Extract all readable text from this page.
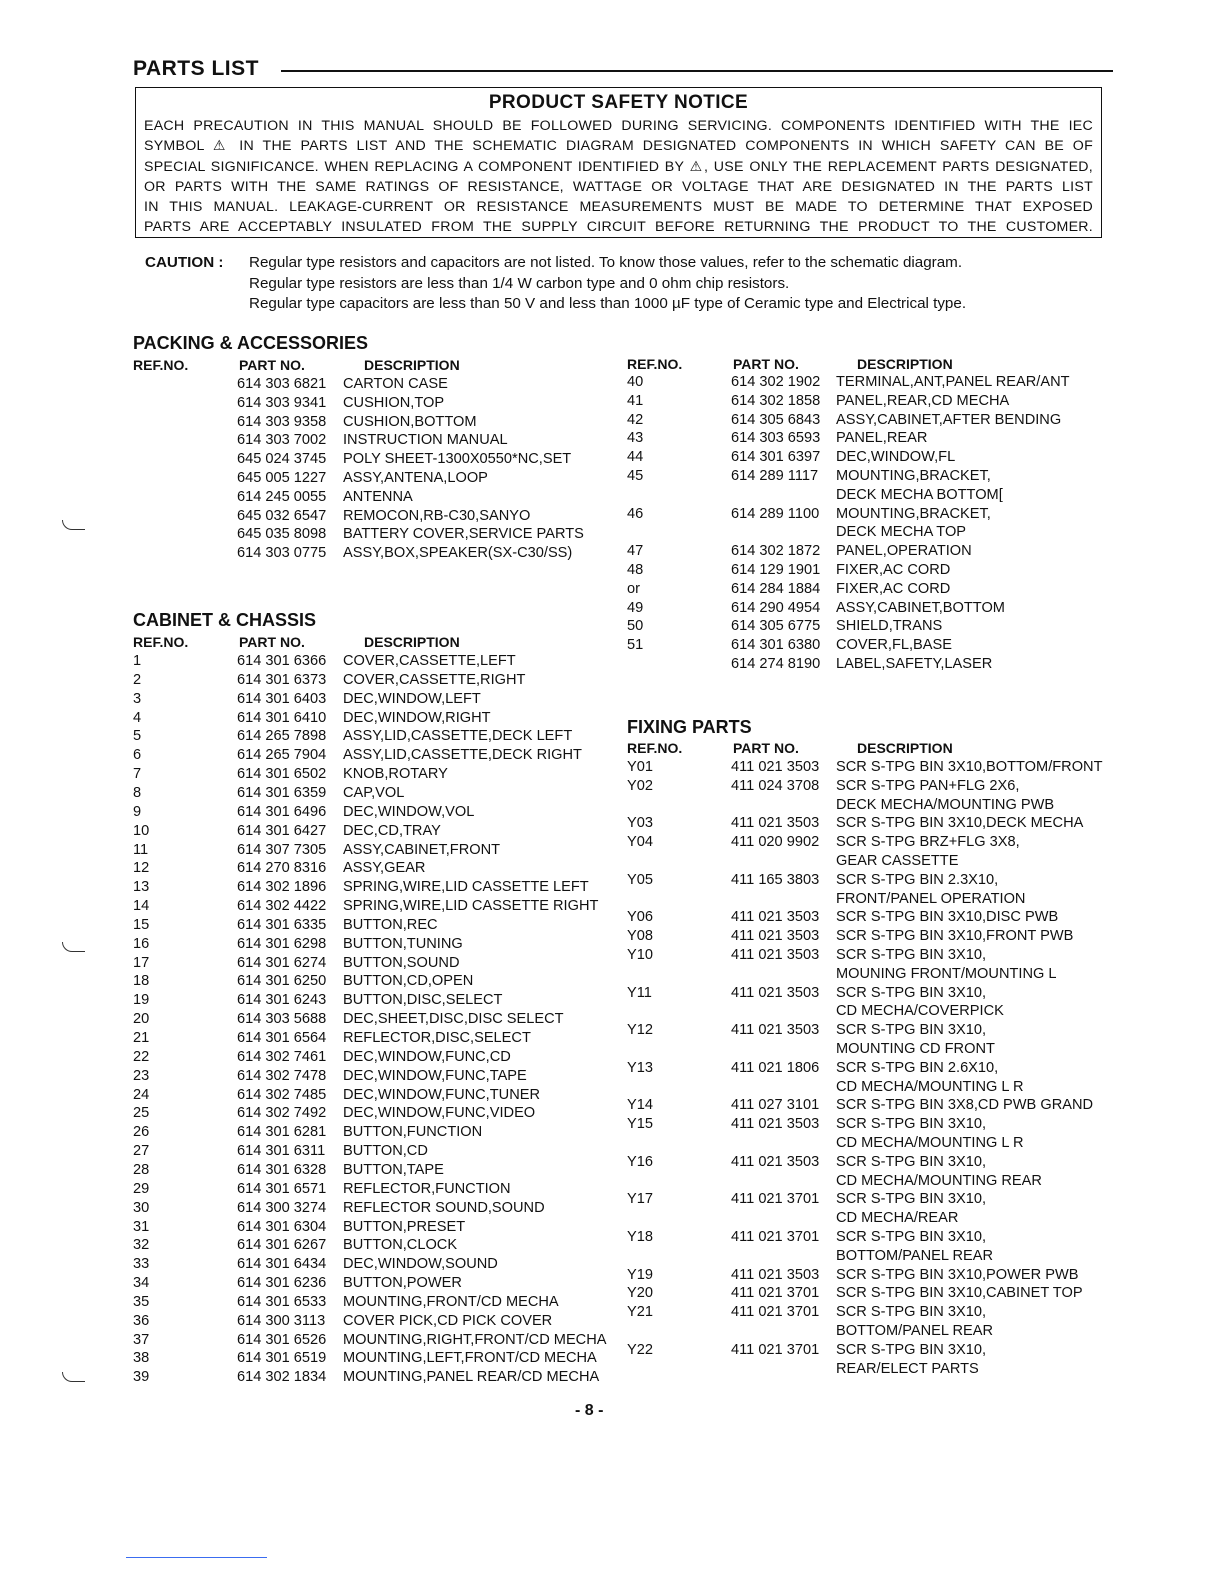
PARTS LIST
PRODUCT SAFETY NOTICE
EACH PRECAUTION IN THIS MANUAL SHOULD BE FOLLOWED DURING SERVICING. COMPONENTS IDENTIFIED WITH THE IEC
SYMBOL ⚠ IN THE PARTS LIST AND THE SCHEMATIC DIAGRAM DESIGNATED COMPONENTS IN WHICH SAFETY CAN BE OF
SPECIAL SIGNIFICANCE. WHEN REPLACING A COMPONENT IDENTIFIED BY ⚠, USE ONLY THE REPLACEMENT PARTS DESIGNATED,
OR PARTS WITH THE SAME RATINGS OF RESISTANCE, WATTAGE OR VOLTAGE THAT ARE DESIGNATED IN THE PARTS LIST
IN THIS MANUAL. LEAKAGE-CURRENT OR RESISTANCE MEASUREMENTS MUST BE MADE TO DETERMINE THAT EXPOSED
PARTS ARE ACCEPTABLY INSULATED FROM THE SUPPLY CIRCUIT BEFORE RETURNING THE PRODUCT TO THE CUSTOMER.
CAUTION : Regular type resistors and capacitors are not listed. To know those values, refer to the schematic diagram.
Regular type resistors are less than 1/4 W carbon type and 0 ohm chip resistors.
Regular type capacitors are less than 50 V and less than 1000 µF type of Ceramic type and Electrical type.
PACKING & ACCESSORIES
REF.NO.	PART NO.	DESCRIPTION
614 303 6821 CARTON CASE
614 303 9341 CUSHION,TOP
614 303 9358 CUSHION,BOTTOM
614 303 7002 INSTRUCTION MANUAL
645 024 3745 POLY SHEET-1300X0550*NC,SET
645 005 1227 ASSY,ANTENA,LOOP
614 245 0055 ANTENNA
645 032 6547 REMOCON,RB-C30,SANYO
645 035 8098 BATTERY COVER,SERVICE PARTS
614 303 0775 ASSY,BOX,SPEAKER(SX-C30/SS)
CABINET & CHASSIS
REF.NO.	PART NO.	DESCRIPTION
1	614 301 6366 COVER,CASSETTE,LEFT
2	614 301 6373 COVER,CASSETTE,RIGHT
3	614 301 6403 DEC,WINDOW,LEFT
4	614 301 6410 DEC,WINDOW,RIGHT
5	614 265 7898 ASSY,LID,CASSETTE,DECK LEFT
6	614 265 7904 ASSY,LID,CASSETTE,DECK RIGHT
7	614 301 6502 KNOB,ROTARY
8	614 301 6359 CAP,VOL
9	614 301 6496 DEC,WINDOW,VOL
10	614 301 6427 DEC,CD,TRAY
11	614 307 7305 ASSY,CABINET,FRONT
12	614 270 8316 ASSY,GEAR
13	614 302 1896 SPRING,WIRE,LID CASSETTE LEFT
14	614 302 4422 SPRING,WIRE,LID CASSETTE RIGHT
15	614 301 6335 BUTTON,REC
16	614 301 6298 BUTTON,TUNING
17	614 301 6274 BUTTON,SOUND
18	614 301 6250 BUTTON,CD,OPEN
19	614 301 6243 BUTTON,DISC,SELECT
20	614 303 5688 DEC,SHEET,DISC,DISC SELECT
21	614 301 6564 REFLECTOR,DISC,SELECT
22	614 302 7461 DEC,WINDOW,FUNC,CD
23	614 302 7478 DEC,WINDOW,FUNC,TAPE
24	614 302 7485 DEC,WINDOW,FUNC,TUNER
25	614 302 7492 DEC,WINDOW,FUNC,VIDEO
26	614 301 6281 BUTTON,FUNCTION
27	614 301 6311 BUTTON,CD
28	614 301 6328 BUTTON,TAPE
29	614 301 6571 REFLECTOR,FUNCTION
30	614 300 3274 REFLECTOR SOUND,SOUND
31	614 301 6304 BUTTON,PRESET
32	614 301 6267 BUTTON,CLOCK
33	614 301 6434 DEC,WINDOW,SOUND
34	614 301 6236 BUTTON,POWER
35	614 301 6533 MOUNTING,FRONT/CD MECHA
36	614 300 3113 COVER PICK,CD PICK COVER
37	614 301 6526 MOUNTING,RIGHT,FRONT/CD MECHA
38	614 301 6519 MOUNTING,LEFT,FRONT/CD MECHA
39	614 302 1834 MOUNTING,PANEL REAR/CD MECHA
REF.NO.	PART NO.	DESCRIPTION
40	614 302 1902 TERMINAL,ANT,PANEL REAR/ANT
41	614 302 1858 PANEL,REAR,CD MECHA
42	614 305 6843 ASSY,CABINET,AFTER BENDING
43	614 303 6593 PANEL,REAR
44	614 301 6397 DEC,WINDOW,FL
45	614 289 1117 MOUNTING,BRACKET,
DECK MECHA BOTTOM[
46	614 289 1100 MOUNTING,BRACKET,
DECK MECHA TOP
47	614 302 1872 PANEL,OPERATION
48	614 129 1901 FIXER,AC CORD
or	614 284 1884 FIXER,AC CORD
49	614 290 4954 ASSY,CABINET,BOTTOM
50	614 305 6775 SHIELD,TRANS
51	614 301 6380 COVER,FL,BASE
614 274 8190 LABEL,SAFETY,LASER
FIXING PARTS
REF.NO.	PART NO.	DESCRIPTION
Y01	411 021 3503 SCR S-TPG BIN 3X10,BOTTOM/FRONT
Y02	411 024 3708 SCR S-TPG PAN+FLG 2X6,
DECK MECHA/MOUNTING PWB
Y03	411 021 3503 SCR S-TPG BIN 3X10,DECK MECHA
Y04	411 020 9902 SCR S-TPG BRZ+FLG 3X8,
GEAR CASSETTE
Y05	411 165 3803 SCR S-TPG BIN 2.3X10,
FRONT/PANEL OPERATION
Y06	411 021 3503 SCR S-TPG BIN 3X10,DISC PWB
Y08	411 021 3503 SCR S-TPG BIN 3X10,FRONT PWB
Y10	411 021 3503 SCR S-TPG BIN 3X10,
MOUNING FRONT/MOUNTING L
Y11	411 021 3503 SCR S-TPG BIN 3X10,
CD MECHA/COVERPICK
Y12	411 021 3503 SCR S-TPG BIN 3X10,
MOUNTING CD FRONT
Y13	411 021 1806 SCR S-TPG BIN 2.6X10,
CD MECHA/MOUNTING L R
Y14	411 027 3101 SCR S-TPG BIN 3X8,CD PWB GRAND
Y15	411 021 3503 SCR S-TPG BIN 3X10,
CD MECHA/MOUNTING L R
Y16	411 021 3503 SCR S-TPG BIN 3X10,
CD MECHA/MOUNTING REAR
Y17	411 021 3701 SCR S-TPG BIN 3X10,
CD MECHA/REAR
Y18	411 021 3701 SCR S-TPG BIN 3X10,
BOTTOM/PANEL REAR
Y19	411 021 3503 SCR S-TPG BIN 3X10,POWER PWB
Y20	411 021 3701 SCR S-TPG BIN 3X10,CABINET TOP
Y21	411 021 3701 SCR S-TPG BIN 3X10,
BOTTOM/PANEL REAR
Y22	411 021 3701 SCR S-TPG BIN 3X10,
REAR/ELECT PARTS
- 8 -
